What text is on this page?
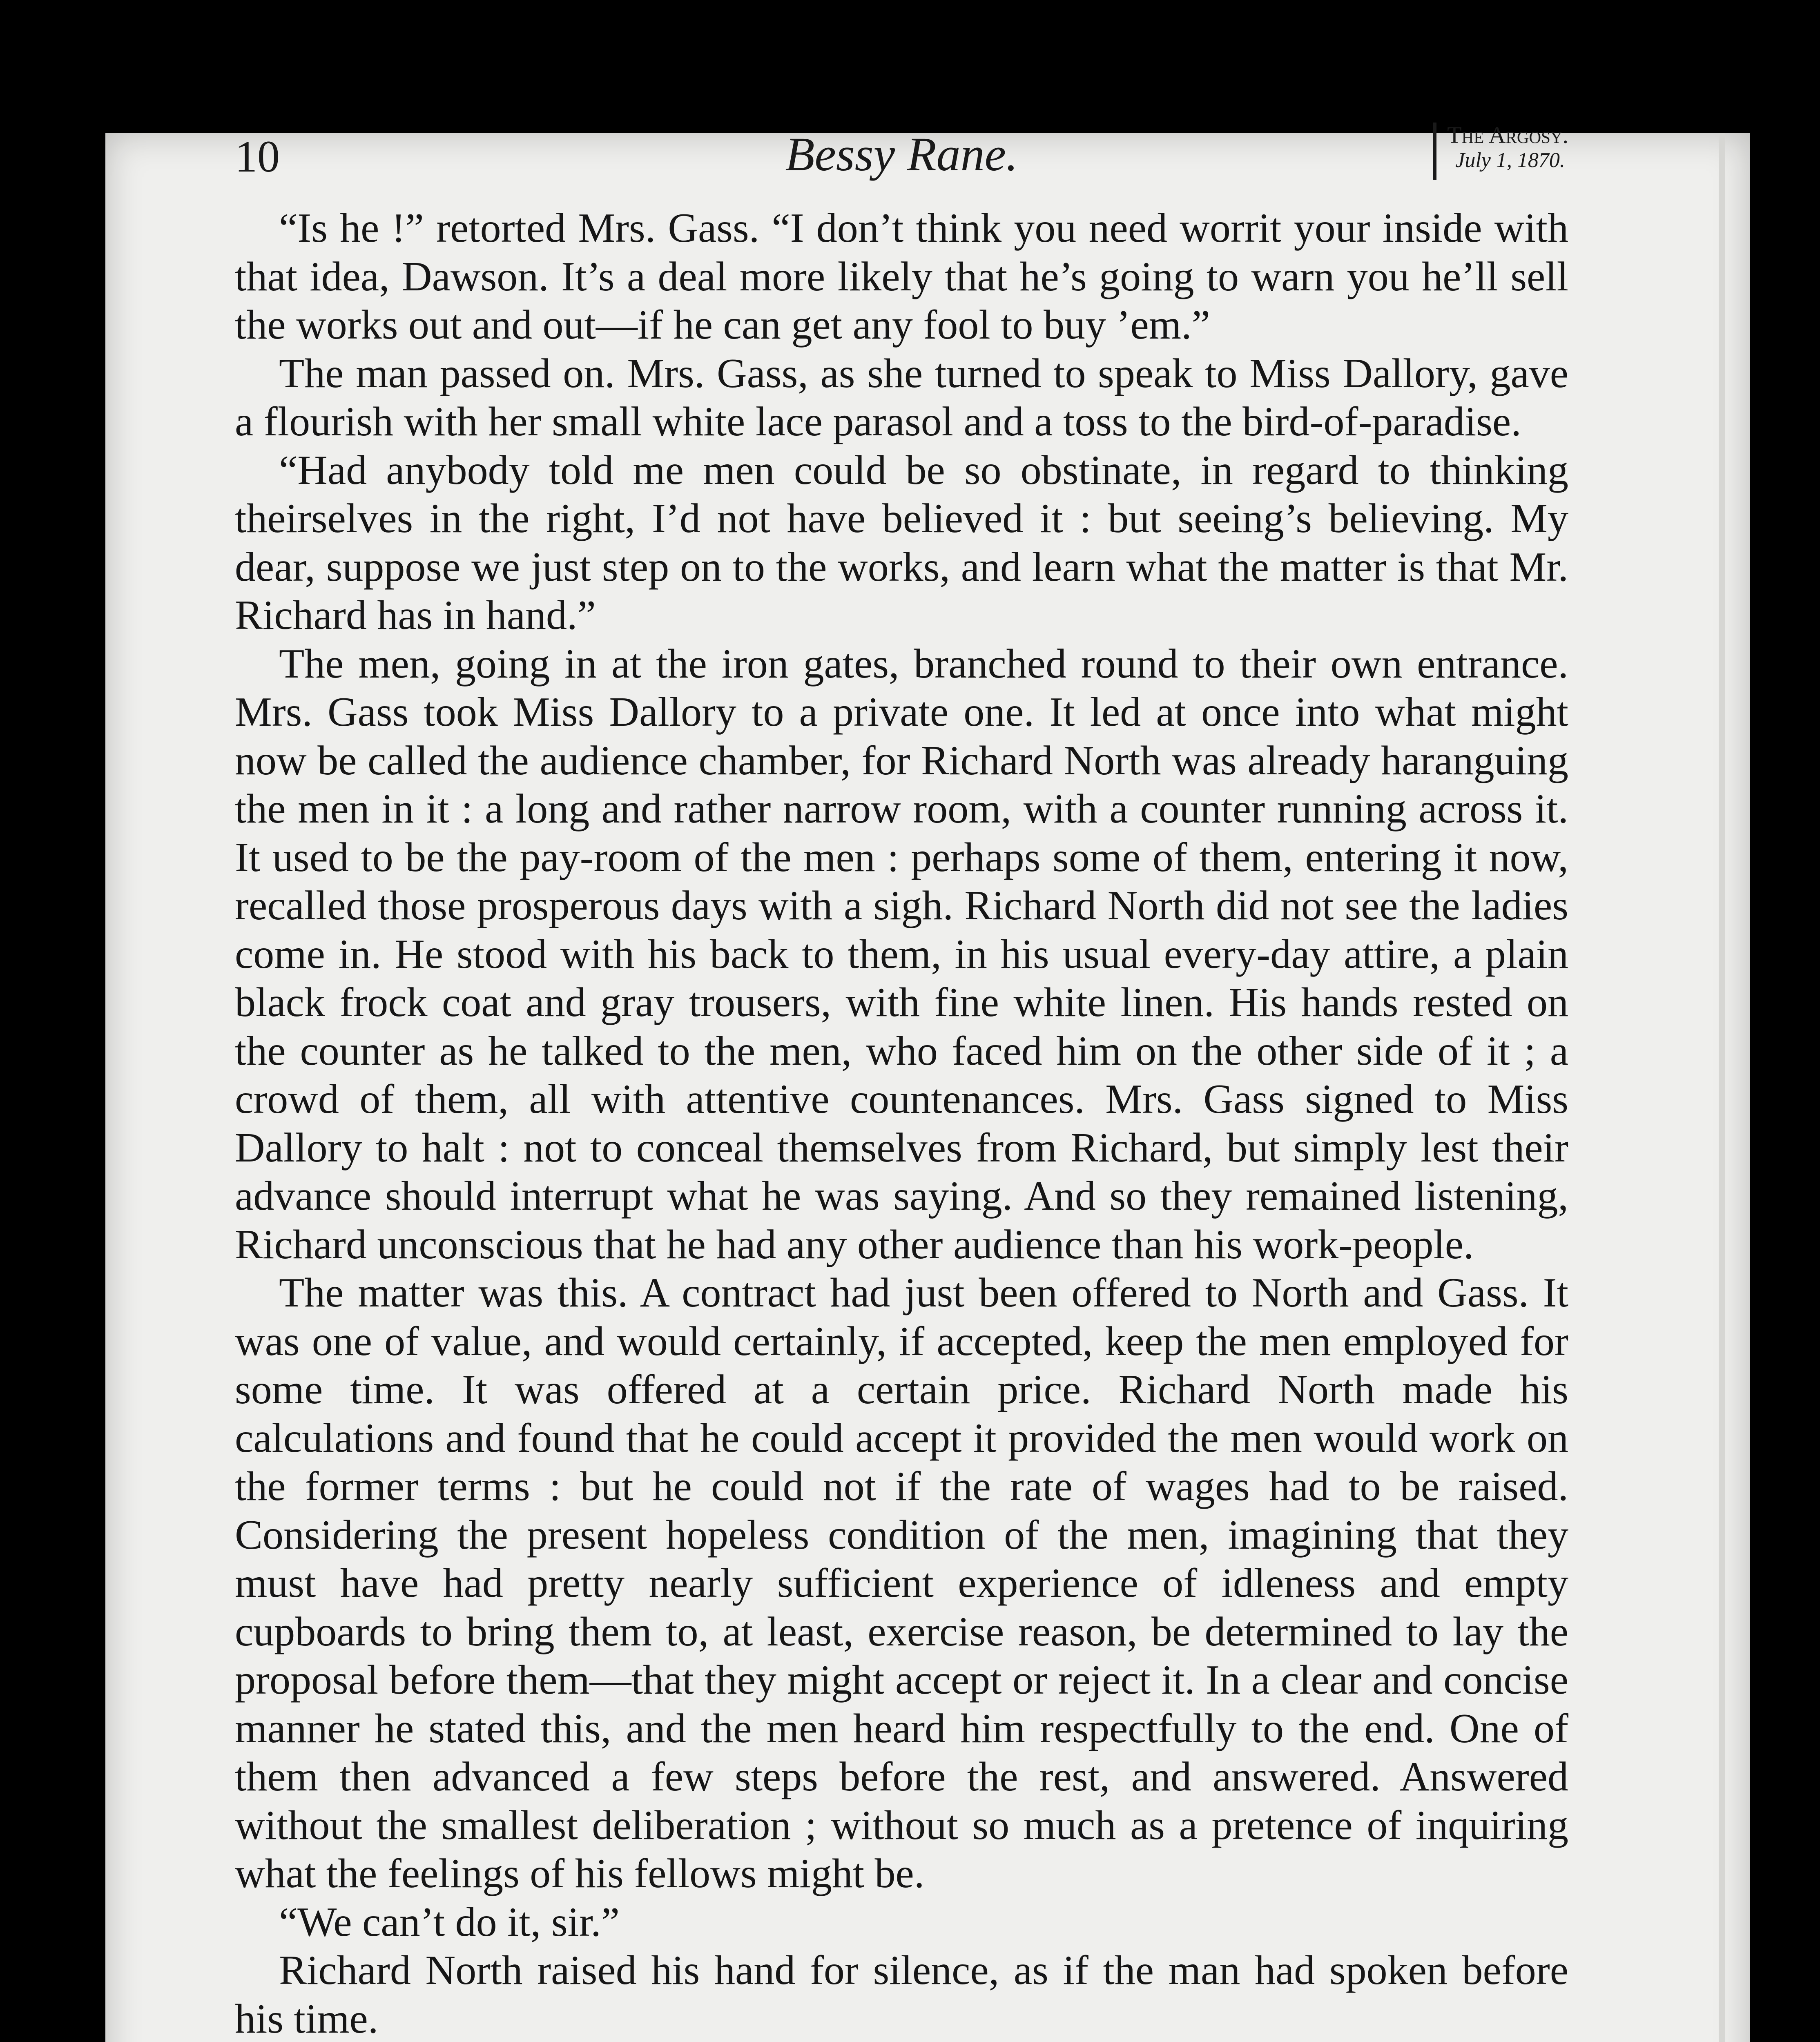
10	Bessy Rane.	The Argosy.
July 1, 1870.

“Is he !” retorted Mrs. Gass. “I don’t think you need worrit your inside with that idea, Dawson. It’s a deal more likely that he’s going to warn you he’ll sell the works out and out—if he can get any fool to buy ’em.”

The man passed on. Mrs. Gass, as she turned to speak to Miss Dallory, gave a flourish with her small white lace parasol and a toss to the bird-of-paradise.

“Had anybody told me men could be so obstinate, in regard to thinking theirselves in the right, I’d not have believed it : but seeing’s believing. My dear, suppose we just step on to the works, and learn what the matter is that Mr. Richard has in hand.”

The men, going in at the iron gates, branched round to their own entrance. Mrs. Gass took Miss Dallory to a private one. It led at once into what might now be called the audience chamber, for Richard North was already haranguing the men in it : a long and rather narrow room, with a counter running across it. It used to be the pay-room of the men : perhaps some of them, entering it now, recalled those prosperous days with a sigh. Richard North did not see the ladies come in. He stood with his back to them, in his usual every-day attire, a plain black frock coat and gray trousers, with fine white linen. His hands rested on the counter as he talked to the men, who faced him on the other side of it ; a crowd of them, all with attentive countenances. Mrs. Gass signed to Miss Dallory to halt : not to conceal themselves from Richard, but simply lest their advance should interrupt what he was saying. And so they remained listening, Richard unconscious that he had any other audience than his work-people.

The matter was this. A contract had just been offered to North and Gass. It was one of value, and would certainly, if accepted, keep the men employed for some time. It was offered at a certain price. Richard North made his calculations and found that he could accept it provided the men would work on the former terms : but he could not if the rate of wages had to be raised. Considering the present hopeless condition of the men, imagining that they must have had pretty nearly sufficient experience of idleness and empty cupboards to bring them to, at least, exercise reason, be determined to lay the proposal before them—that they might accept or reject it. In a clear and concise manner he stated this, and the men heard him respectfully to the end. One of them then advanced a few steps before the rest, and answered. Answered without the smallest deliberation ; without so much as a pretence of inquiring what the feelings of his fellows might be.

“We can’t do it, sir.”

Richard North raised his hand for silence, as if the man had spoken before his time.
